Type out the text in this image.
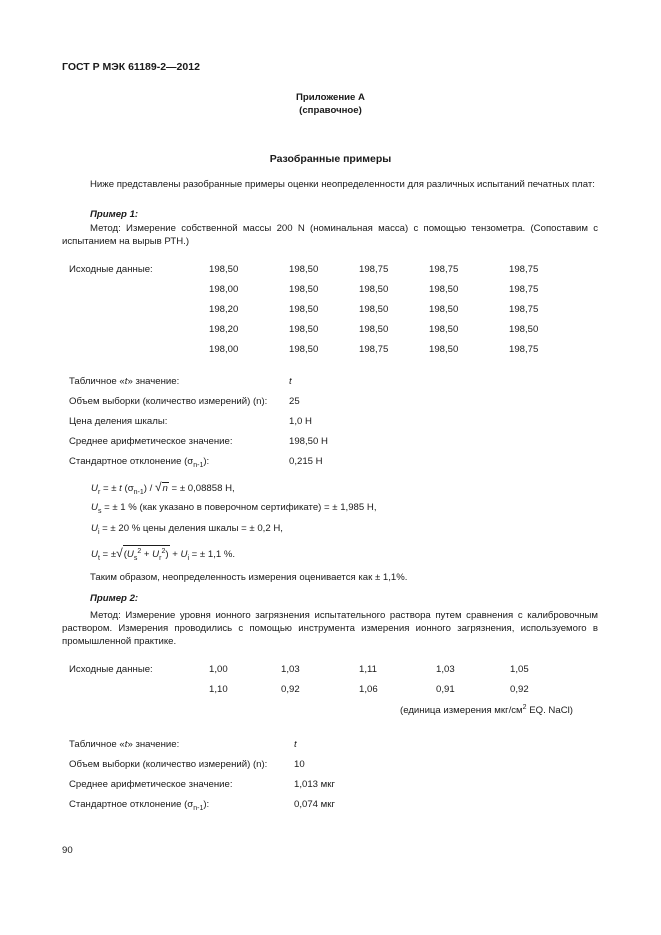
ГОСТ Р МЭК 61189-2—2012
Приложение А
(справочное)
Разобранные примеры
Ниже представлены разобранные примеры оценки неопределенности для различных испытаний печатных плат:
Пример 1:
Метод: Измерение собственной массы 200 N (номинальная масса) с помощью тензометра. (Сопоставим с испытанием на вырыв РТН.)
Исходные данные:	198,50	198,50	198,75	198,75	198,75
198,00	198,50	198,50	198,50	198,75
198,20	198,50	198,50	198,50	198,75
198,20	198,50	198,50	198,50	198,50
198,00	198,50	198,75	198,50	198,75
Табличное «t» значение:	t
Объем выборки (количество измерений) (n): 25
Цена деления шкалы:	1,0 Н
Среднее арифметическое значение:	198,50 Н
Стандартное отклонение $(\sigma_{n-1})$:	0,215 Н
$U_r$ = ± t $(\sigma_{n-1}) / √n$ = ± 0,08858 Н,
$U_s$ = ± 1 % (как указано в поверочном сертификате) = ± 1,985 Н,
$U_i$ = ± 20 % цены деления шкалы = ± 0,2 Н,
$U_t = \pm√(U_s^2 + U_r^2) + U_i$ = ± 1,1 %.
Таким образом, неопределенность измерения оценивается как ± 1,1%.
Пример 2:
Метод: Измерение уровня ионного загрязнения испытательного раствора путем сравнения с калибровочным раствором. Измерения проводились с помощью инструмента измерения ионного загрязнения, используемого в промышленной практике.
Исходные данные:	1,00	1,03	1,11	1,03	1,05
1,10	0,92	1,06	0,91	0,92
(единица измерения мкг/$см^2$ EQ. NaCl)
Табличное «t» значение:	t
Объем выборки (количество измерений) (n):	10
Среднее арифметическое значение:	1,013 мкг
Стандартное отклонение $(\sigma_{n-1})$:	0,074 мкг
90
